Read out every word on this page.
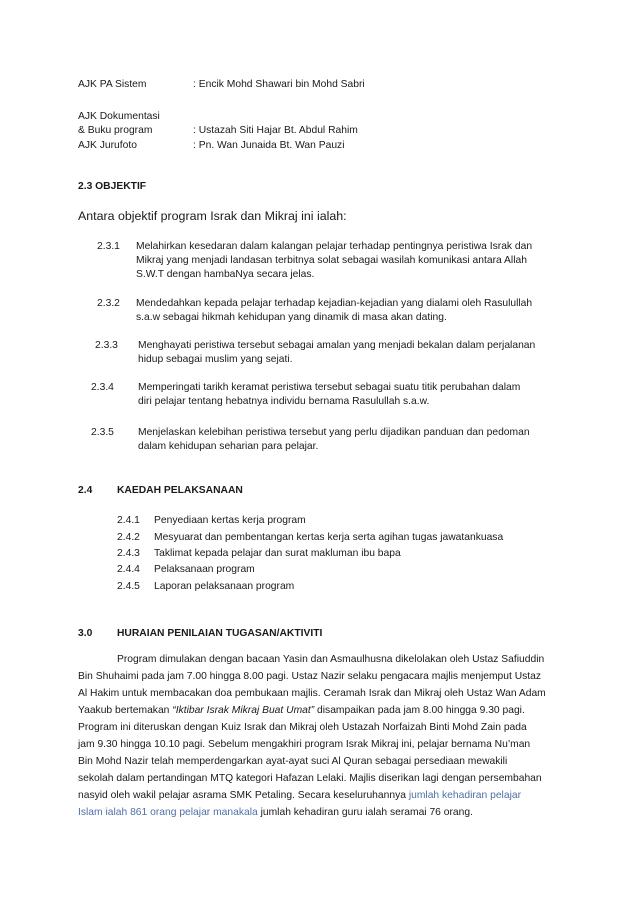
AJK PA Sistem	: Encik Mohd Shawari bin Mohd Sabri
AJK Dokumentasi
& Buku program	: Ustazah Siti Hajar Bt. Abdul Rahim
AJK Jurufoto	: Pn. Wan Junaida Bt. Wan Pauzi
2.3 OBJEKTIF
Antara objektif program Israk dan Mikraj ini ialah:
2.3.1 Melahirkan kesedaran dalam kalangan pelajar terhadap pentingnya peristiwa Israk dan
Mikraj yang menjadi landasan terbitnya solat sebagai wasilah komunikasi antara Allah
S.W.T dengan hambaNya secara jelas.
2.3.2 Mendedahkan kepada pelajar terhadap kejadian-kejadian yang dialami oleh Rasulullah
s.a.w sebagai hikmah kehidupan yang dinamik di masa akan dating.
2.3.3 Menghayati peristiwa tersebut sebagai amalan yang menjadi bekalan dalam perjalanan
hidup sebagai muslim yang sejati.
2.3.4 Memperingati tarikh keramat peristiwa tersebut sebagai suatu titik perubahan dalam
diri pelajar tentang hebatnya individu bernama Rasulullah s.a.w.
2.3.5 Menjelaskan kelebihan peristiwa tersebut yang perlu dijadikan panduan dan pedoman
dalam kehidupan seharian para pelajar.
2.4 KAEDAH PELAKSANAAN
2.4.1 Penyediaan kertas kerja program
2.4.2 Mesyuarat dan pembentangan kertas kerja serta agihan tugas jawatankuasa
2.4.3 Taklimat kepada pelajar dan surat makluman ibu bapa
2.4.4 Pelaksanaan program
2.4.5 Laporan pelaksanaan program
3.0 HURAIAN PENILAIAN TUGASAN/AKTIVITI
Program dimulakan dengan bacaan Yasin dan Asmaulhusna dikelolakan oleh Ustaz Safiuddin
Bin Shuhaimi pada jam 7.00 hingga 8.00 pagi. Ustaz Nazir selaku pengacara majlis menjemput Ustaz
Al Hakim untuk membacakan doa pembukaan majlis. Ceramah Israk dan Mikraj oleh Ustaz Wan Adam
Yaakub bertemakan “Iktibar Israk Mikraj Buat Umat” disampaikan pada jam 8.00 hingga 9.30 pagi.
Program ini diteruskan dengan Kuiz Israk dan Mikraj oleh Ustazah Norfaizah Binti Mohd Zain pada
jam 9.30 hingga 10.10 pagi. Sebelum mengakhiri program Israk Mikraj ini, pelajar bernama Nu’man
Bin Mohd Nazir telah memperdengarkan ayat-ayat suci Al Quran sebagai persediaan mewakili
sekolah dalam pertandingan MTQ kategori Hafazan Lelaki. Majlis diserikan lagi dengan persembahan
nasyid oleh wakil pelajar asrama SMK Petaling. Secara keseluruhannya jumlah kehadiran pelajar
Islam ialah 861 orang pelajar manakala jumlah kehadiran guru ialah seramai 76 orang.
